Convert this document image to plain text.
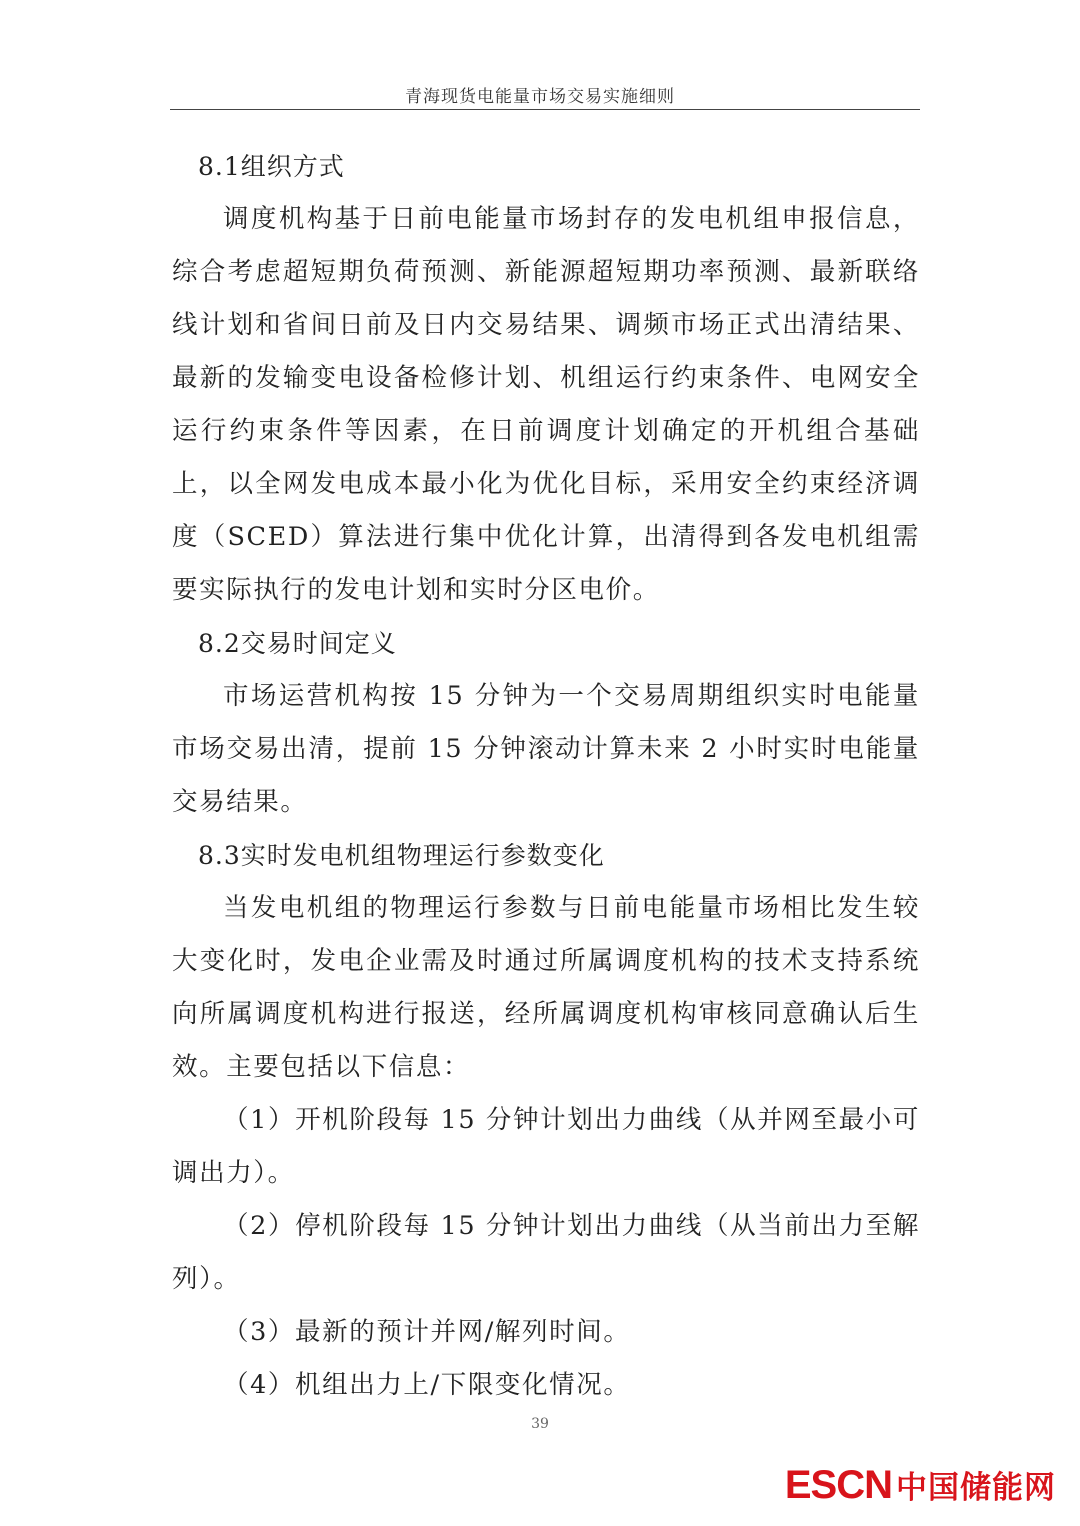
青海现货电能量市场交易实施细则

8.1组织方式

调度机构基于日前电能量市场封存的发电机组申报信息，综合考虑超短期负荷预测、新能源超短期功率预测、最新联络线计划和省间日前及日内交易结果、调频市场正式出清结果、最新的发输变电设备检修计划、机组运行约束条件、电网安全运行约束条件等因素，在日前调度计划确定的开机组合基础上，以全网发电成本最小化为优化目标，采用安全约束经济调度（SCED）算法进行集中优化计算，出清得到各发电机组需要实际执行的发电计划和实时分区电价。

8.2交易时间定义

市场运营机构按 15 分钟为一个交易周期组织实时电能量市场交易出清，提前 15 分钟滚动计算未来 2 小时实时电能量交易结果。

8.3实时发电机组物理运行参数变化

当发电机组的物理运行参数与日前电能量市场相比发生较大变化时，发电企业需及时通过所属调度机构的技术支持系统向所属调度机构进行报送，经所属调度机构审核同意确认后生效。主要包括以下信息：

（1）开机阶段每 15 分钟计划出力曲线（从并网至最小可调出力）。

（2）停机阶段每 15 分钟计划出力曲线（从当前出力至解列）。

（3）最新的预计并网/解列时间。

（4）机组出力上/下限变化情况。

39
ESCN 中国储能网
